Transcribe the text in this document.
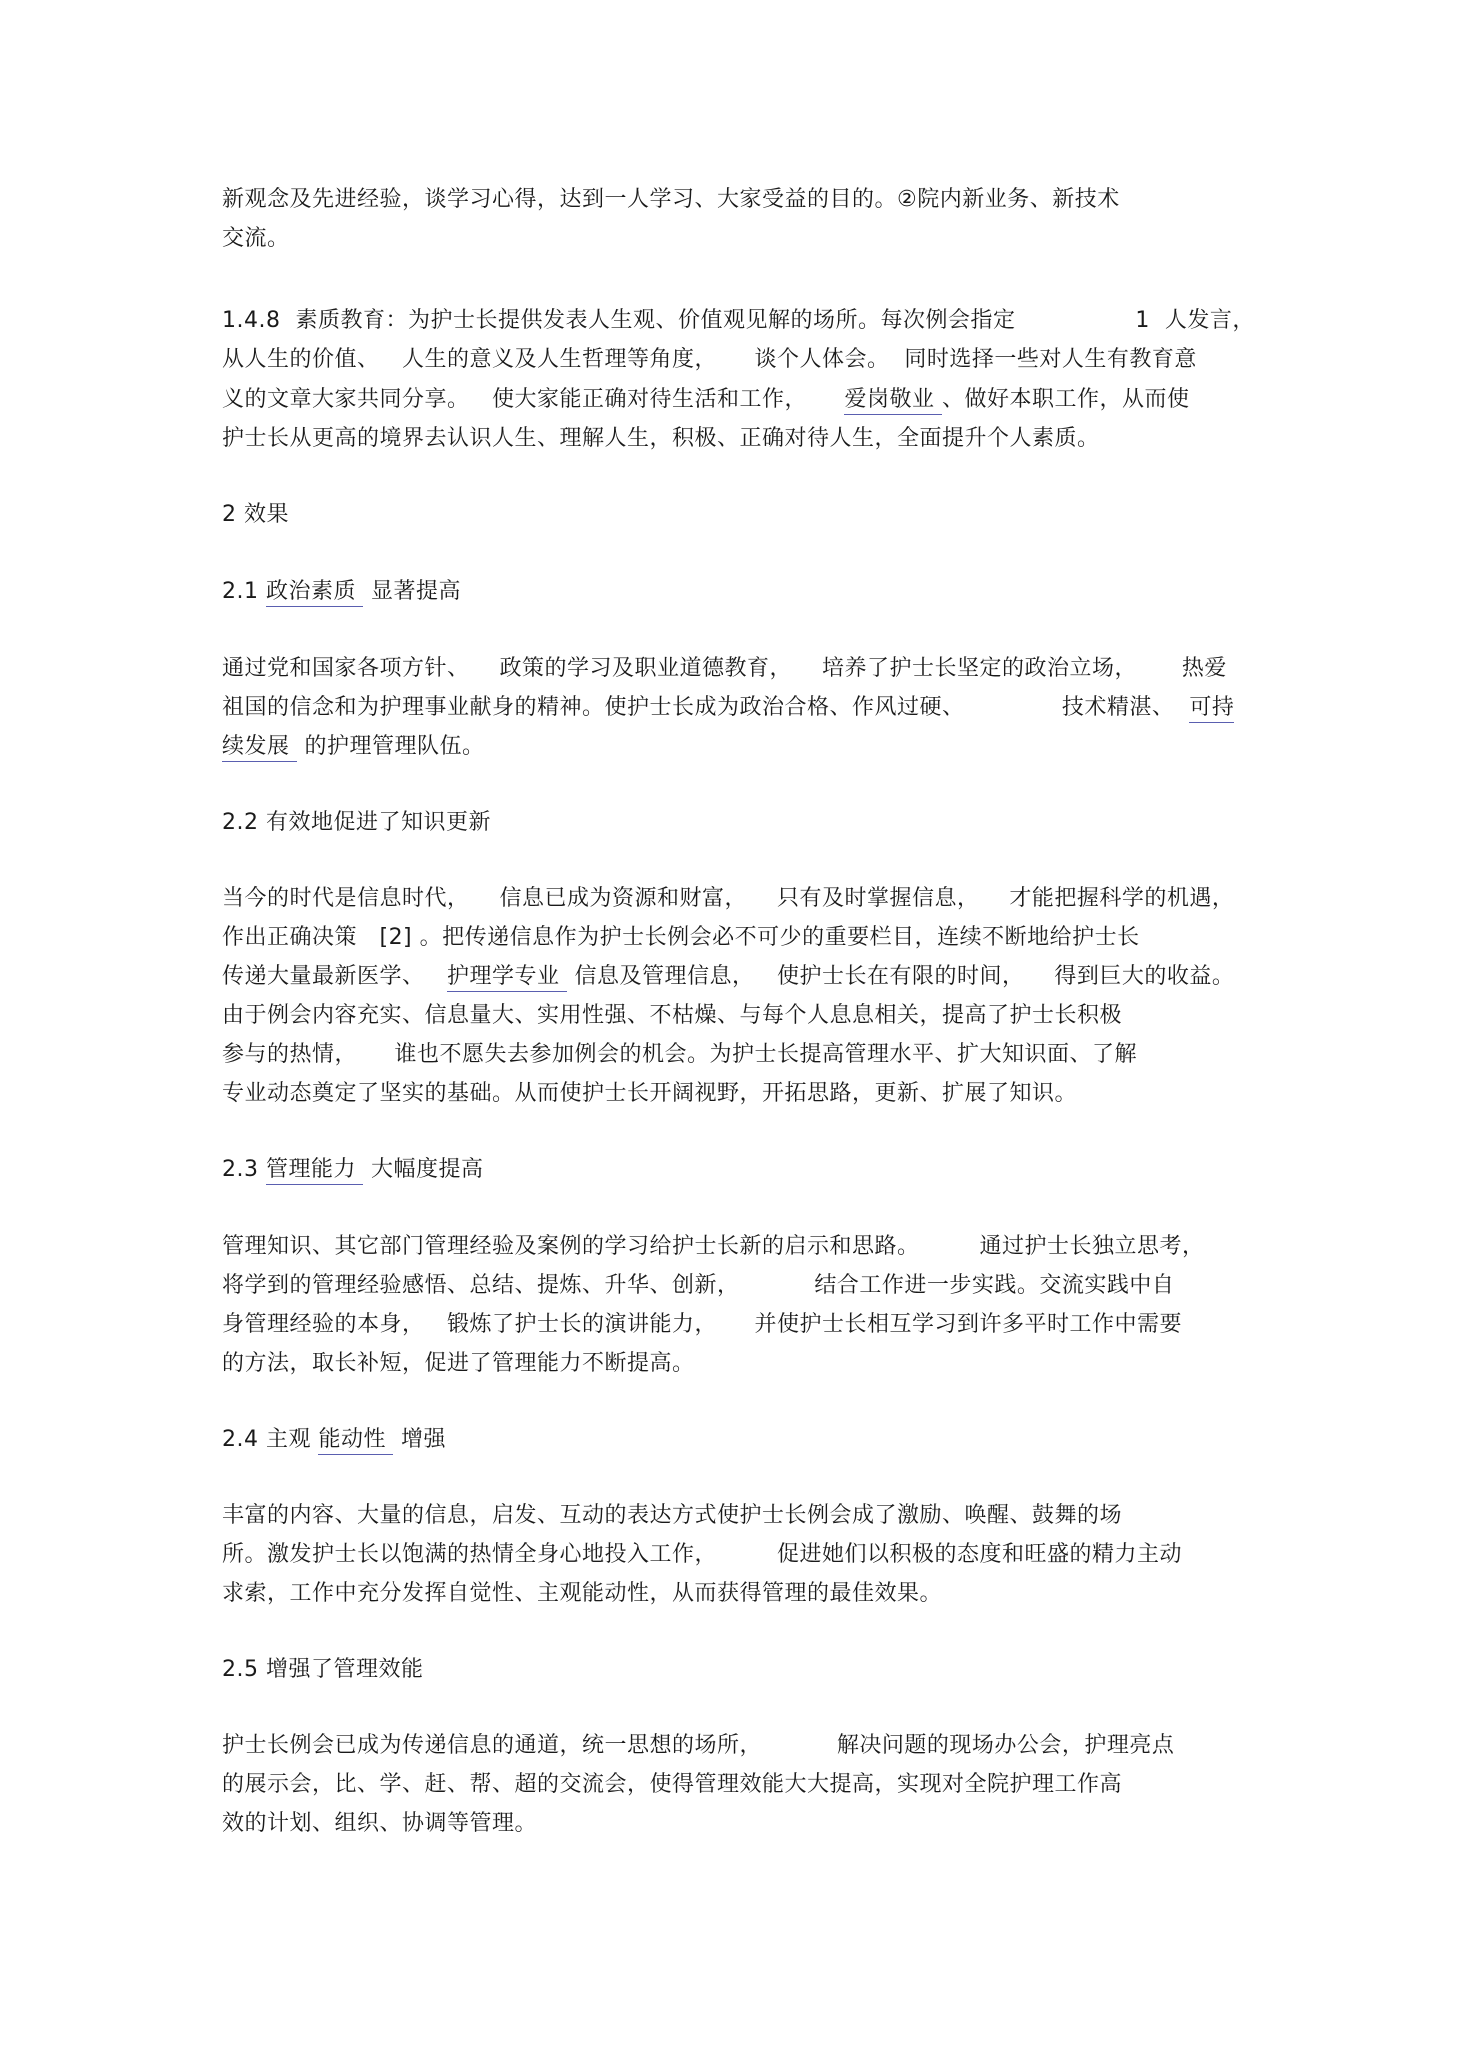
新观念及先进经验，谈学习心得，达到一人学习、大家受益的目的。②院内新业务、新技术
交流。
1.4.8  素质教育：为护士长提供发表人生观、价值观见解的场所。每次例会指定                1  人发言，
从人生的价值、   人生的意义及人生哲理等角度，     谈个人体会。  同时选择一些对人生有教育意
义的文章大家共同分享。   使大家能正确对待生活和工作，     爱岗敬业 、做好本职工作，从而使
护士长从更高的境界去认识人生、理解人生，积极、正确对待人生，全面提升个人素质。
2 效果
2.1 政治素质  显著提高
通过党和国家各项方针、    政策的学习及职业道德教育，    培养了护士长坚定的政治立场，      热爱
祖国的信念和为护理事业献身的精神。使护士长成为政治合格、作风过硬、             技术精湛、  可持
续发展  的护理管理队伍。
2.2 有效地促进了知识更新
当今的时代是信息时代，    信息已成为资源和财富，    只有及时掌握信息，    才能把握科学的机遇，
作出正确决策   [2] 。把传递信息作为护士长例会必不可少的重要栏目，连续不断地给护士长
传递大量最新医学、   护理学专业  信息及管理信息，   使护士长在有限的时间，    得到巨大的收益。
由于例会内容充实、信息量大、实用性强、不枯燥、与每个人息息相关，提高了护士长积极
参与的热情，     谁也不愿失去参加例会的机会。为护士长提高管理水平、扩大知识面、了解
专业动态奠定了坚实的基础。从而使护士长开阔视野，开拓思路，更新、扩展了知识。
2.3 管理能力  大幅度提高
管理知识、其它部门管理经验及案例的学习给护士长新的启示和思路。        通过护士长独立思考，
将学到的管理经验感悟、总结、提炼、升华、创新，          结合工作进一步实践。交流实践中自
身管理经验的本身，   锻炼了护士长的演讲能力，     并使护士长相互学习到许多平时工作中需要
的方法，取长补短，促进了管理能力不断提高。
2.4 主观 能动性  增强
丰富的内容、大量的信息，启发、互动的表达方式使护士长例会成了激励、唤醒、鼓舞的场
所。激发护士长以饱满的热情全身心地投入工作，        促进她们以积极的态度和旺盛的精力主动
求索，工作中充分发挥自觉性、主观能动性，从而获得管理的最佳效果。
2.5 增强了管理效能
护士长例会已成为传递信息的通道，统一思想的场所，          解决问题的现场办公会，护理亮点
的展示会，比、学、赶、帮、超的交流会，使得管理效能大大提高，实现对全院护理工作高
效的计划、组织、协调等管理。
